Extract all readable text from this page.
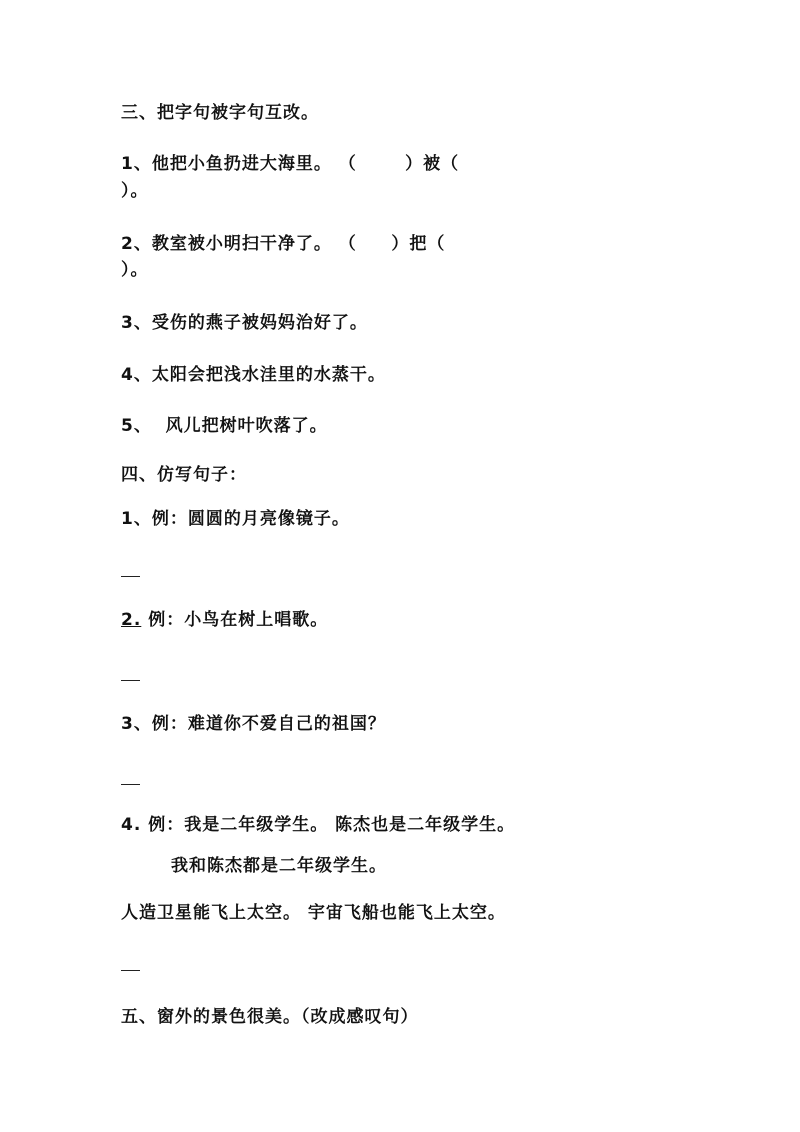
三、把字句被字句互改。
1、他把小鱼扔进大海里。 （       ）被（
）。
2、教室被小明扫干净了。 （     ）把（
）。
3、受伤的燕子被妈妈治好了。
4、太阳会把浅水洼里的水蒸干。
5、  风儿把树叶吹落了。
四、仿写句子：
1、例：圆圆的月亮像镜子。
2. 例：小鸟在树上唱歌。
3、例：难道你不爱自己的祖国？
4. 例：我是二年级学生。 陈杰也是二年级学生。
我和陈杰都是二年级学生。
人造卫星能飞上太空。 宇宙飞船也能飞上太空。
五、窗外的景色很美。（改成感叹句）
